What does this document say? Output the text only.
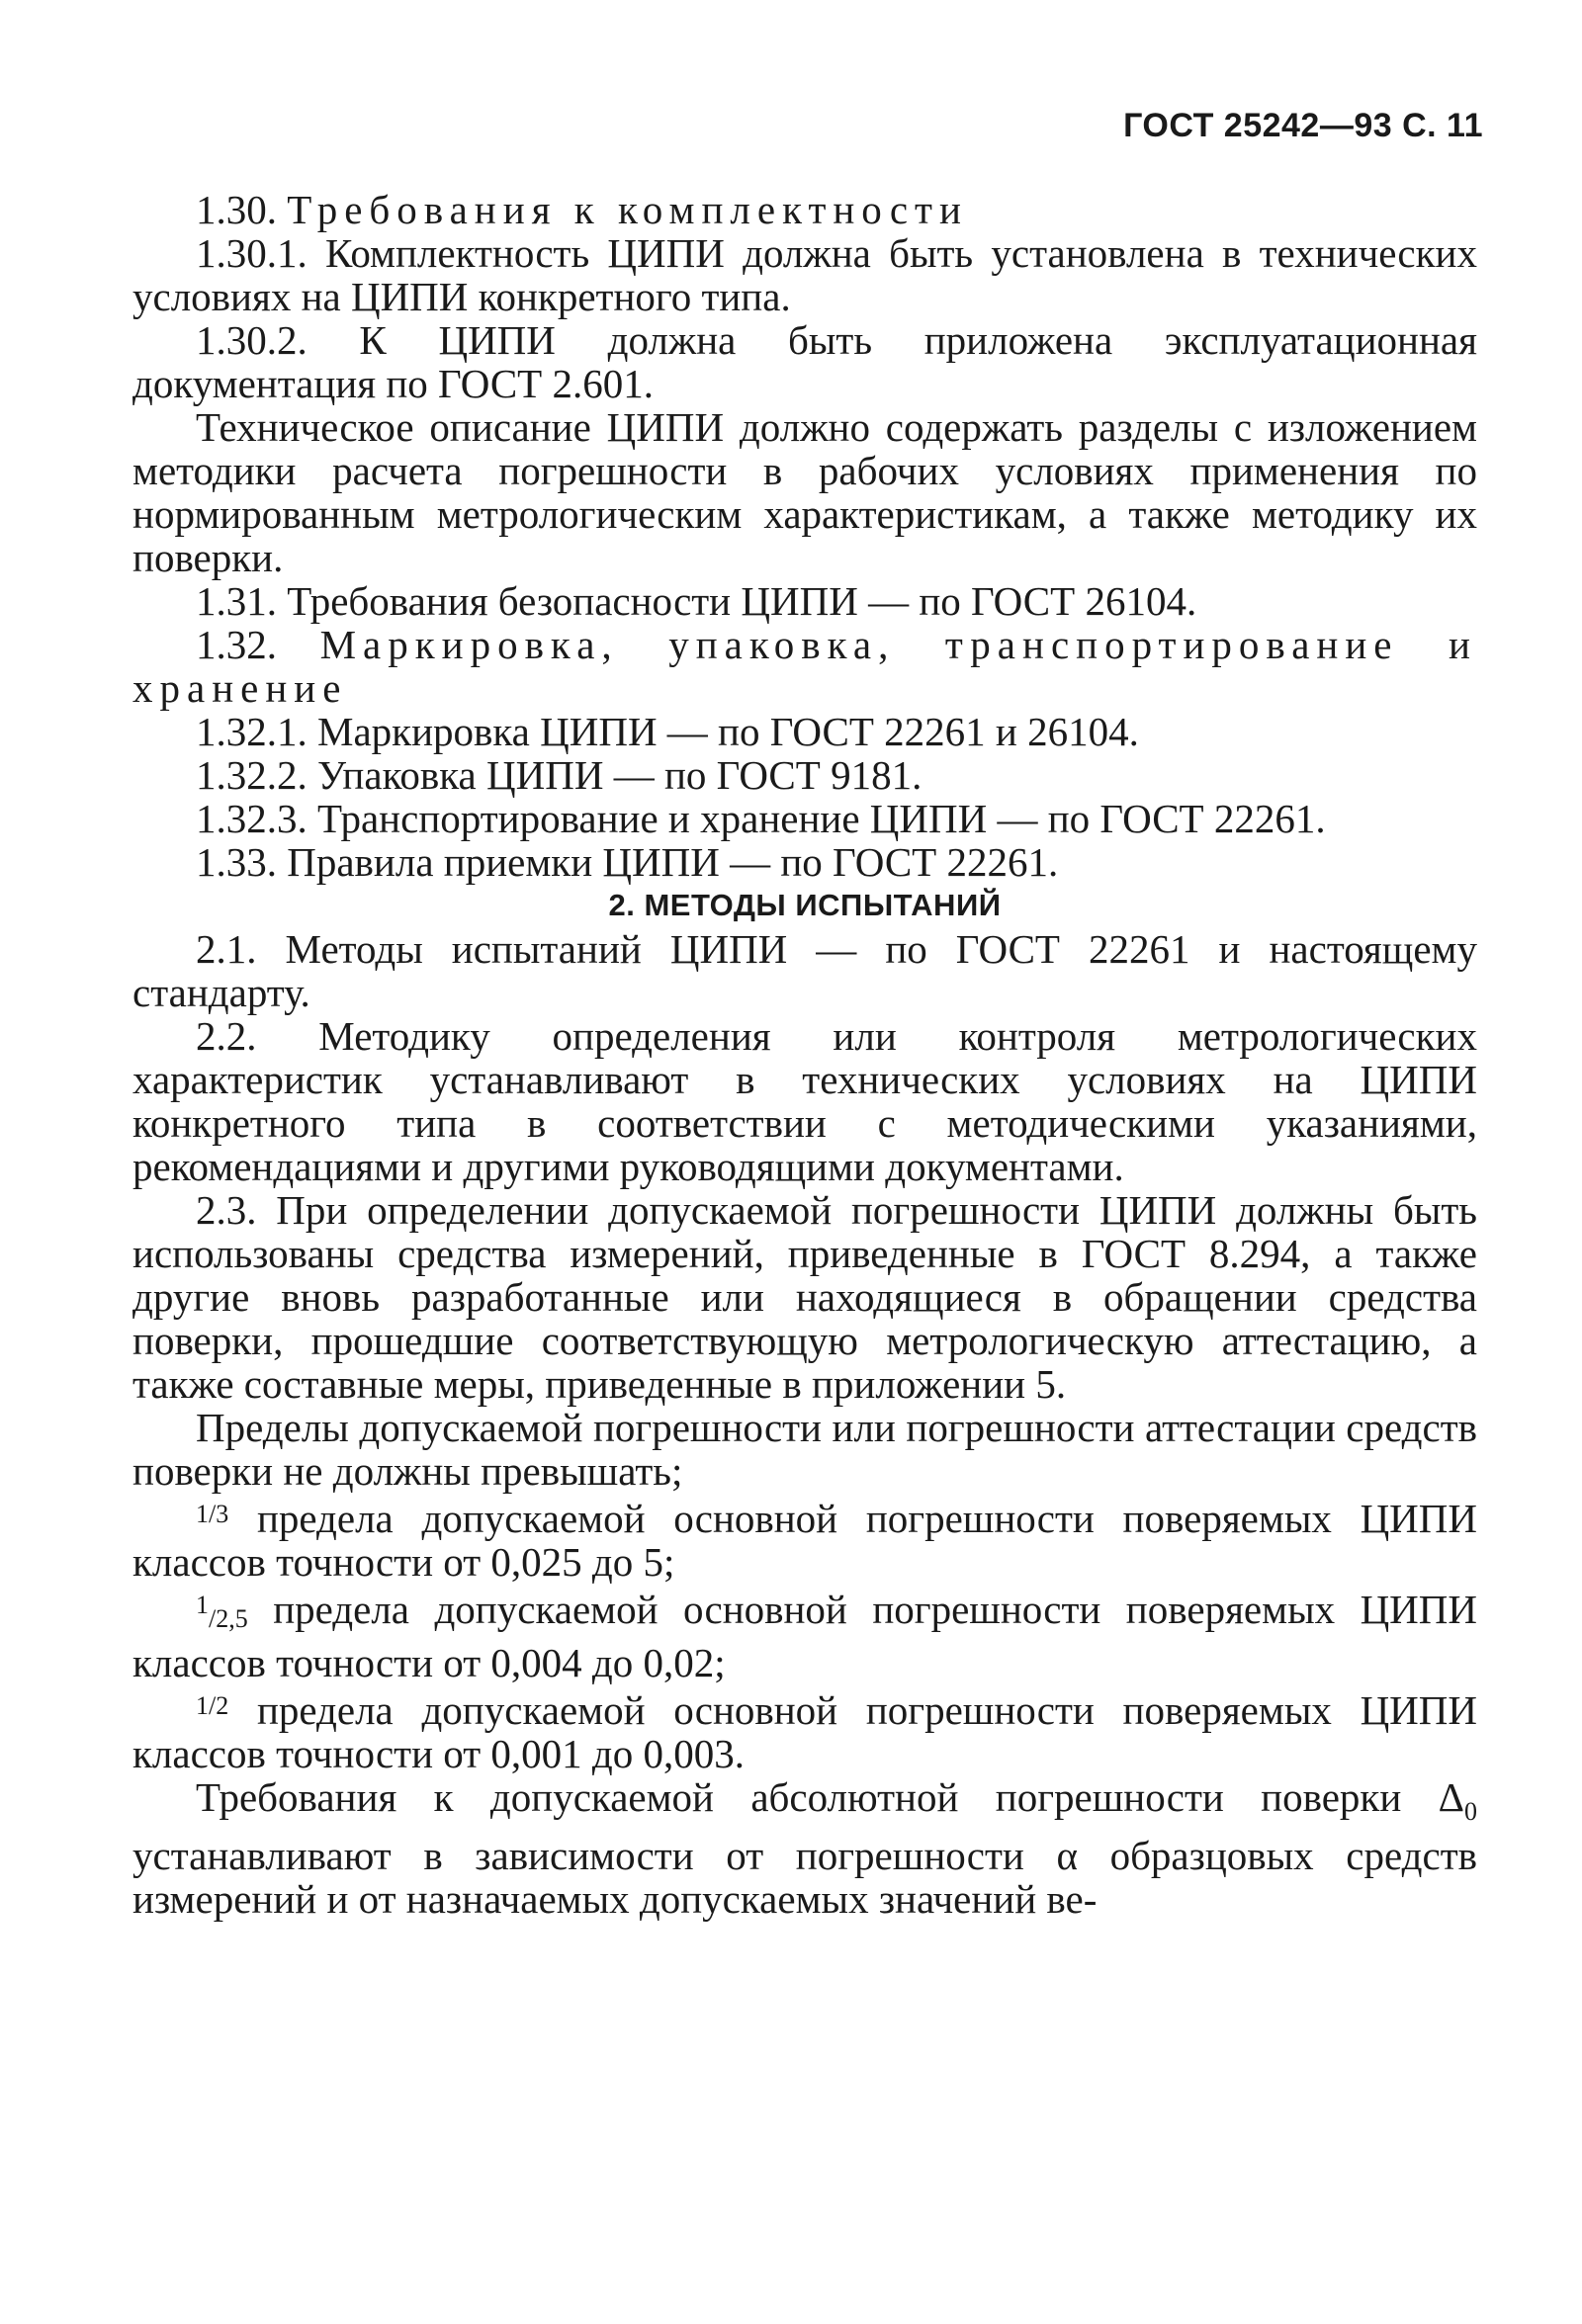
ГОСТ 25242—93 С. 11

1.30. Требования к комплектности

1.30.1. Комплектность ЦИПИ должна быть установлена в технических условиях на ЦИПИ конкретного типа.

1.30.2. К ЦИПИ должна быть приложена эксплуатационная документация по ГОСТ 2.601.

Техническое описание ЦИПИ должно содержать разделы с изложением методики расчета погрешности в рабочих условиях применения по нормированным метрологическим характеристикам, а также методику их поверки.

1.31. Требования безопасности ЦИПИ — по ГОСТ 26104.

1.32. Маркировка, упаковка, транспортирование и хранение

1.32.1. Маркировка ЦИПИ — по ГОСТ 22261 и 26104.

1.32.2. Упаковка ЦИПИ — по ГОСТ 9181.

1.32.3. Транспортирование и хранение ЦИПИ — по ГОСТ 22261.

1.33. Правила приемки ЦИПИ — по ГОСТ 22261.

2. МЕТОДЫ ИСПЫТАНИЙ

2.1. Методы испытаний ЦИПИ — по ГОСТ 22261 и настоящему стандарту.

2.2. Методику определения или контроля метрологических характеристик устанавливают в технических условиях на ЦИПИ конкретного типа в соответствии с методическими указаниями, рекомендациями и другими руководящими документами.

2.3. При определении допускаемой погрешности ЦИПИ должны быть использованы средства измерений, приведенные в ГОСТ 8.294, а также другие вновь разработанные или находящиеся в обращении средства поверки, прошедшие соответствующую метрологическую аттестацию, а также составные меры, приведенные в приложении 5.

Пределы допускаемой погрешности или погрешности аттестации средств поверки не должны превышать;

$^{1/3}$ предела допускаемой основной погрешности поверяемых ЦИПИ классов точности от 0,025 до 5;

$^1$/2,5 предела допускаемой основной погрешности поверяемых ЦИПИ классов точности от 0,004 до 0,02;

$^{1/2}$ предела допускаемой основной погрешности поверяемых ЦИПИ классов точности от 0,001 до 0,003.

Требования к допускаемой абсолютной погрешности поверки $\Delta_0$ устанавливают в зависимости от погрешности α образцовых средств измерений и от назначаемых допускаемых значений ве-
